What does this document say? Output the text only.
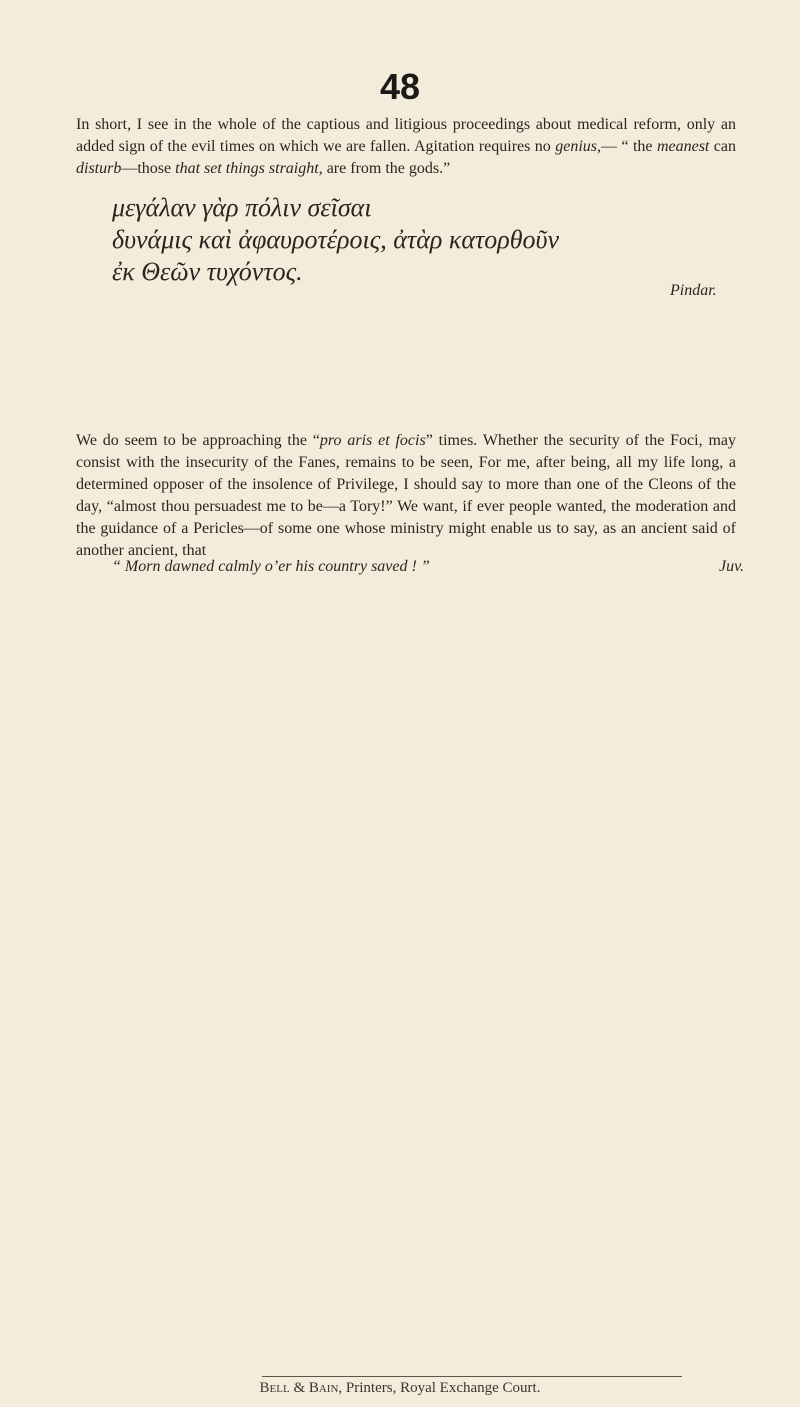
48

In short, I see in the whole of the captious and litigious proceedings about medical reform, only an added sign of the evil times on which we are fallen. Agitation requires no genius,— “ the meanest can disturb—those that set things straight, are from the gods.”

μεγάλαν γὰρ πόλιν σεῖσαι
δυνάμις καὶ ἀφαυροτέροις, ἀτὰρ κατορθοῦν
ἐκ Θεῶν τυχόντος.
Pindar.

We do seem to be approaching the “pro aris et focis” times. Whether the security of the Foci, may consist with the insecurity of the Fanes, remains to be seen, For me, after being, all my life long, a determined opposer of the insolence of Privilege, I should say to more than one of the Cleons of the day, “almost thou persuadest me to be—a Tory!” We want, if ever people wanted, the moderation and the guidance of a Pericles—of some one whose ministry might enable us to say, as an ancient said of another ancient, that

“ Morn dawned calmly o’er his country saved ! ”	Juv.
Bell & Bain, Printers, Royal Exchange Court.
